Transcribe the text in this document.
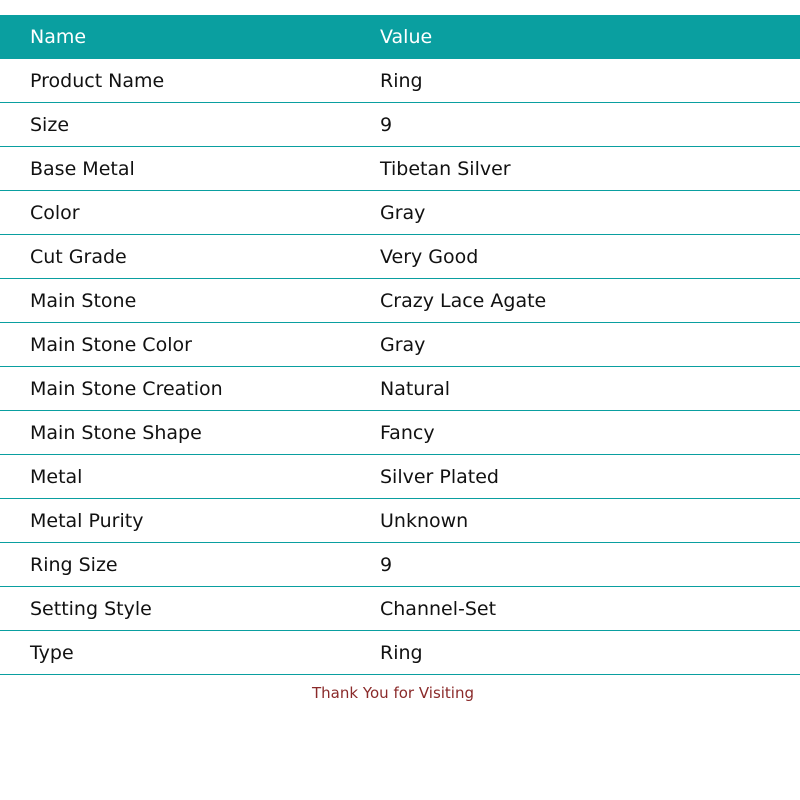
Name	Value
Product Name	Ring
Size	9
Base Metal	Tibetan Silver
Color	Gray
Cut Grade	Very Good
Main Stone	Crazy Lace Agate
Main Stone Color	Gray
Main Stone Creation	Natural
Main Stone Shape	Fancy
Metal	Silver Plated
Metal Purity	Unknown
Ring Size	9
Setting Style	Channel-Set
Type	Ring
Thank You for Visiting
